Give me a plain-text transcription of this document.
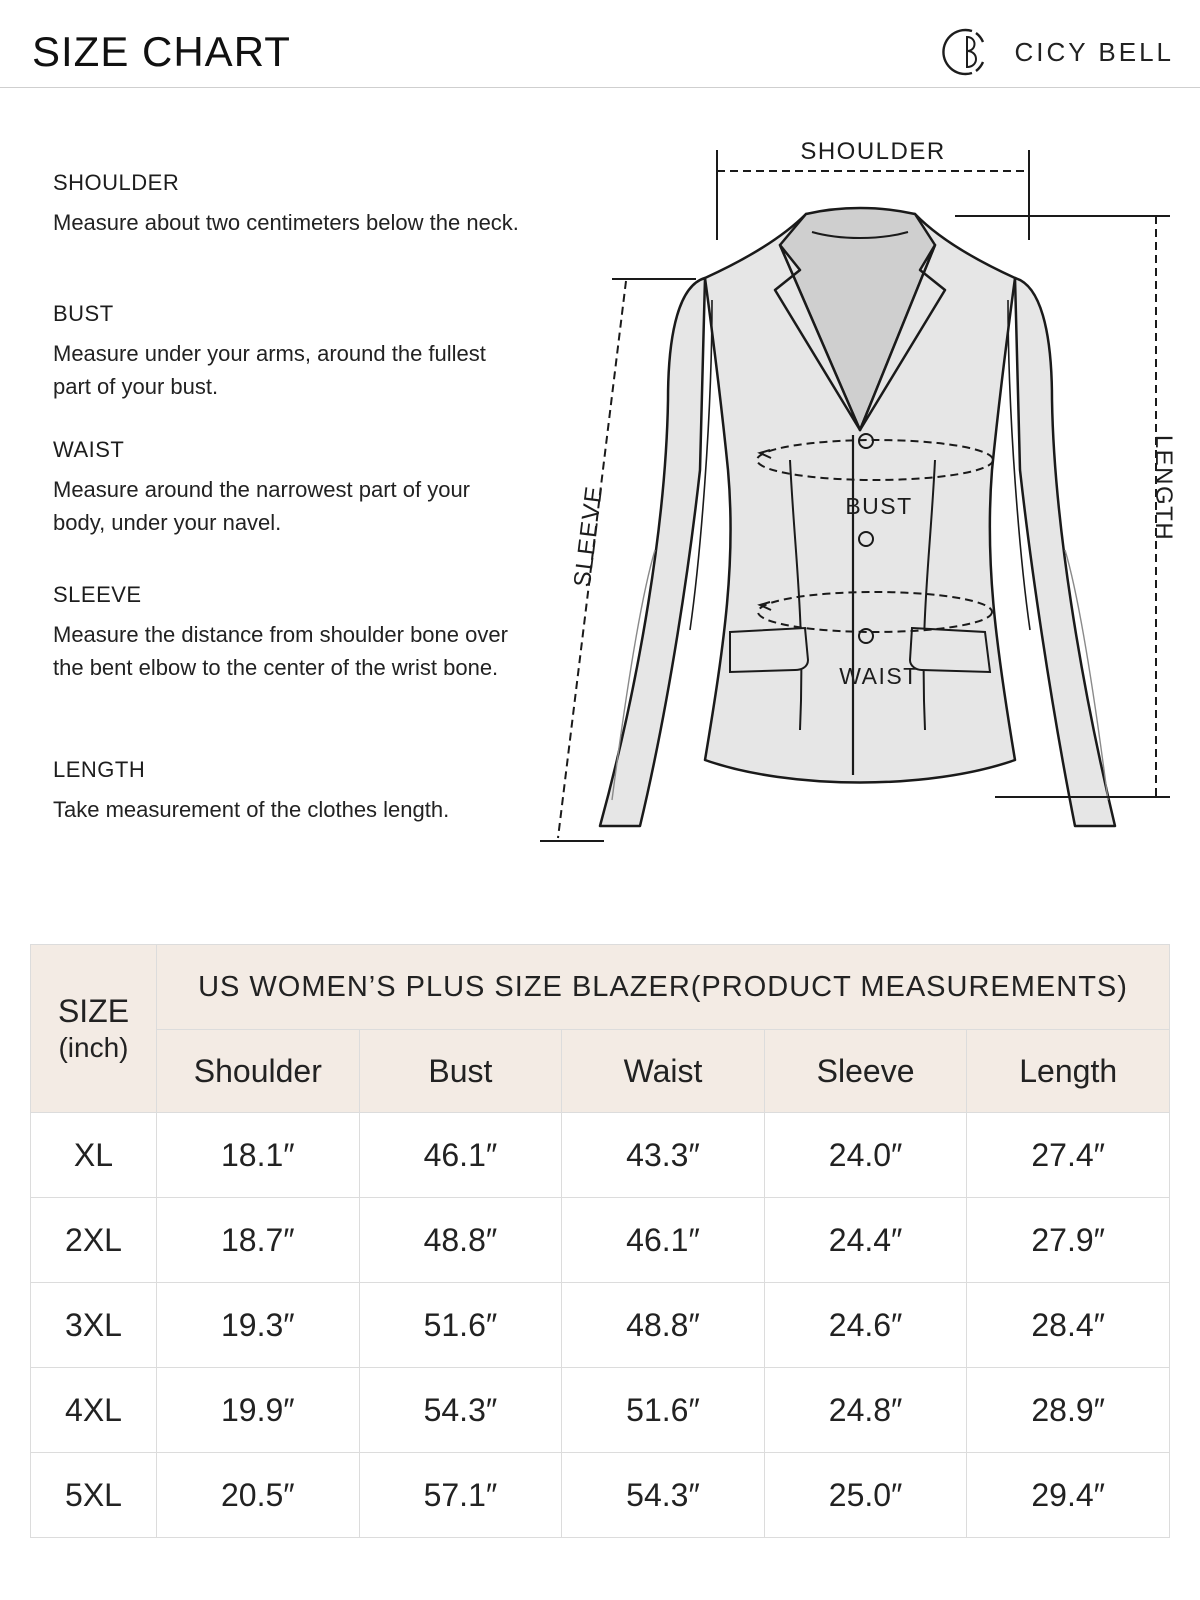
SIZE CHART	CICY BELL
SHOULDER

Measure about two centimeters below the neck.

BUST

Measure under your arms, around the fullest part of your bust.

WAIST

Measure around the narrowest part of your body, under your navel.

SLEEVE

Measure the distance from shoulder bone over the bent elbow to the center of the wrist bone.

LENGTH

Take measurement of the clothes length.

SHOULDER
LENGTH
SLEEVE	BUST
WAIST
SIZE
(inch)	US WOMEN’S PLUS SIZE BLAZER(PRODUCT MEASUREMENTS)				
	Shoulder	Bust	Waist	Sleeve	Length
XL	18.1″	46.1″	43.3″	24.0″	27.4″
2XL	18.7″	48.8″	46.1″	24.4″	27.9″
3XL	19.3″	51.6″	48.8″	24.6″	28.4″
4XL	19.9″	54.3″	51.6″	24.8″	28.9″
5XL	20.5″	57.1″	54.3″	25.0″	29.4″
